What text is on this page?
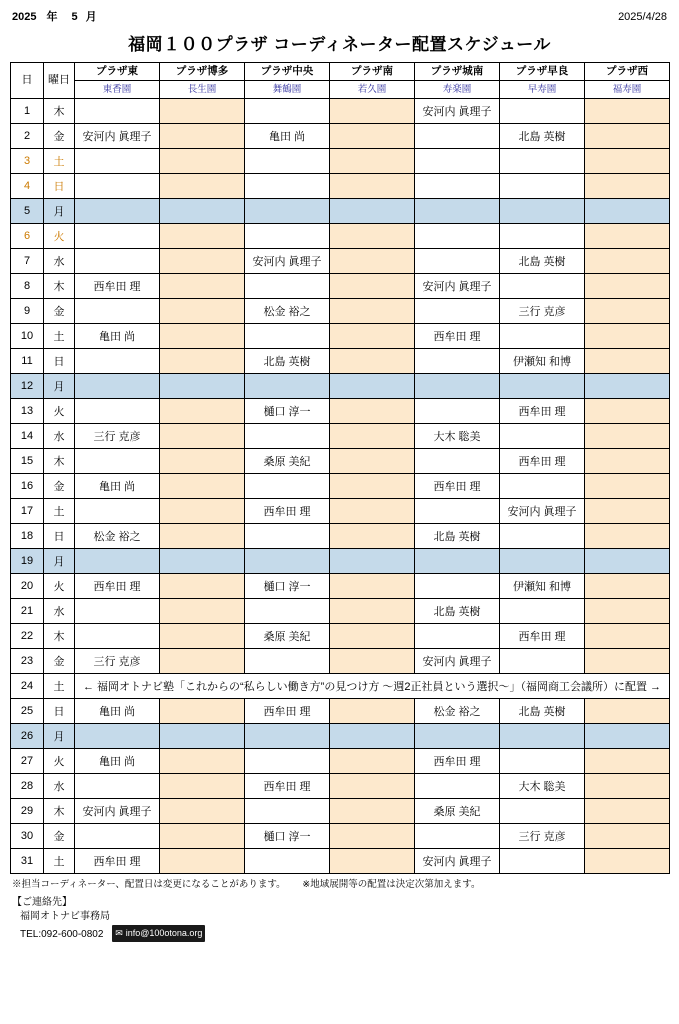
2025 年 5 月	2025/4/28
福岡１００プラザ コーディネーター配置スケジュール
日	曜日	プラザ東	プラザ博多	プラザ中央	プラザ南	プラザ城南	プラザ早良	プラザ西
		東香園	長生園	舞鶴園	若久園	寿楽園	早寿園	福寿園
1	木					安河内 眞理子		
2	金	安河内 眞理子		亀田 尚			北島 英樹	
3	土							
4	日							
5	月							
6	火							
7	水			安河内 眞理子			北島 英樹	
8	木	西牟田 理				安河内 眞理子		
9	金			松金 裕之			三行 克彦	
10	土	亀田 尚				西牟田 理		
11	日			北島 英樹			伊瀬知 和博	
12	月							
13	火			樋口 淳一			西牟田 理	
14	水	三行 克彦				大木 聡美		
15	木			桑原 美紀			西牟田 理	
16	金	亀田 尚				西牟田 理		
17	土			西牟田 理			安河内 眞理子	
18	日	松金 裕之				北島 英樹		
19	月							
20	火	西牟田 理		樋口 淳一			伊瀬知 和博	
21	水					北島 英樹		
22	木			桑原 美紀			西牟田 理	
23	金	三行 克彦				安河内 眞理子		
24	土	← 福岡オトナビ塾「これからの“私らしい働き方”の見つけ方 〜週2正社員という選択〜」（福岡商工会議所）に配置 →						
25	日	亀田 尚		西牟田 理		松金 裕之	北島 英樹	
26	月							
27	火	亀田 尚				西牟田 理		
28	水			西牟田 理			大木 聡美	
29	木	安河内 眞理子				桑原 美紀		
30	金			樋口 淳一			三行 克彦	
31	土	西牟田 理				安河内 眞理子		
※担当コーディネーター、配置日は変更になることがあります。 ※地域展開等の配置は決定次第加えます。
【ご連絡先】
福岡オトナビ事務局
TEL:092-600-0802 ✉ info@100otona.org
